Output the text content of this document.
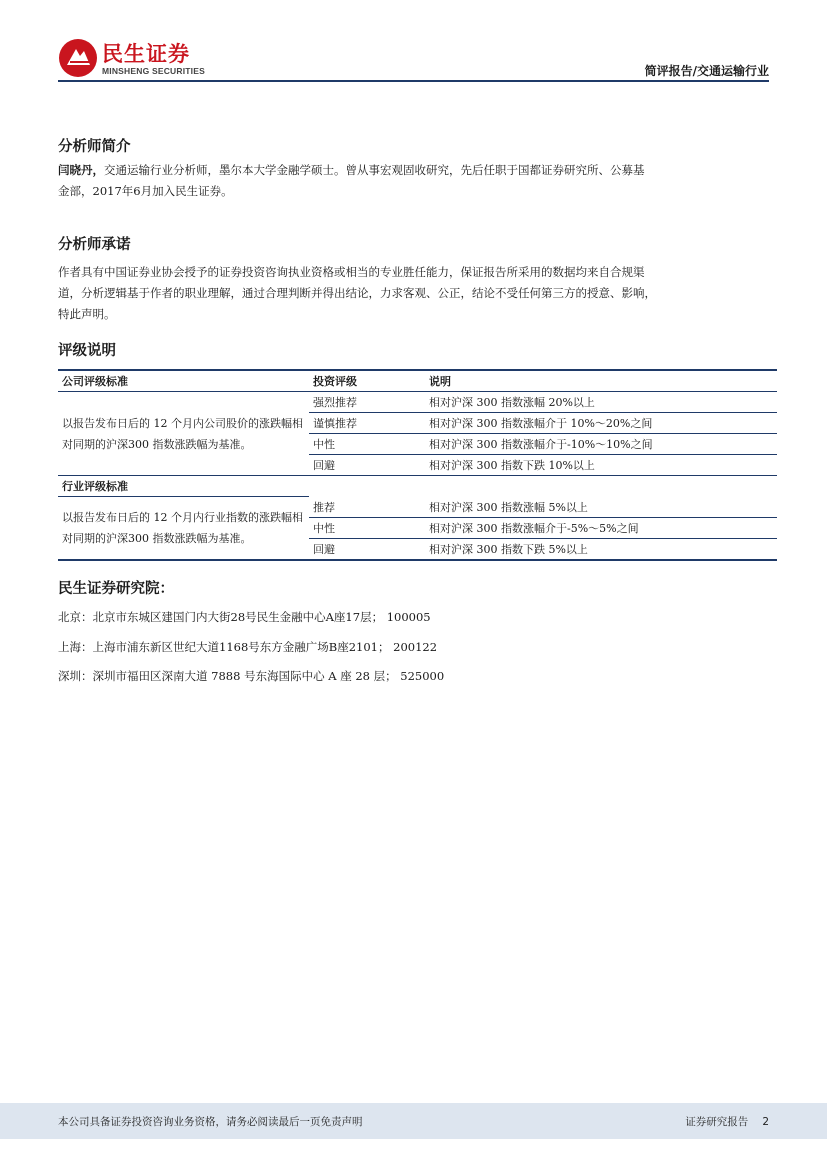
民生证券
MINSHENG SECURITIES	简评报告/交通运输行业
分析师简介
闫晓丹，交通运输行业分析师，墨尔本大学金融学硕士。曾从事宏观固收研究，先后任职于国都证券研究所、公募基
金部，2017年6月加入民生证券。
分析师承诺
作者具有中国证券业协会授予的证券投资咨询执业资格或相当的专业胜任能力，保证报告所采用的数据均来自合规渠
道，分析逻辑基于作者的职业理解，通过合理判断并得出结论，力求客观、公正，结论不受任何第三方的授意、影响，
特此声明。
评级说明
公司评级标准	投资评级	说明
以报告发布日后的 12 个月内公司股价的涨跌幅相对同期的沪深300 指数涨跌幅为基准。	强烈推荐	相对沪深 300 指数涨幅 20%以上
	谨慎推荐	相对沪深 300 指数涨幅介于 10%～20%之间
	中性	相对沪深 300 指数涨幅介于-10%～10%之间
	回避	相对沪深 300 指数下跌 10%以上
行业评级标准		
以报告发布日后的 12 个月内行业指数的涨跌幅相对同期的沪深300 指数涨跌幅为基准。	推荐	相对沪深 300 指数涨幅 5%以上
	中性	相对沪深 300 指数涨幅介于-5%～5%之间
	回避	相对沪深 300 指数下跌 5%以上
民生证券研究院：
北京：北京市东城区建国门内大街28号民生金融中心A座17层； 100005
上海：上海市浦东新区世纪大道1168号东方金融广场B座2101； 200122
深圳：深圳市福田区深南大道 7888 号东海国际中心 A 座 28 层； 525000
本公司具备证券投资咨询业务资格，请务必阅读最后一页免责声明	证券研究报告 2
